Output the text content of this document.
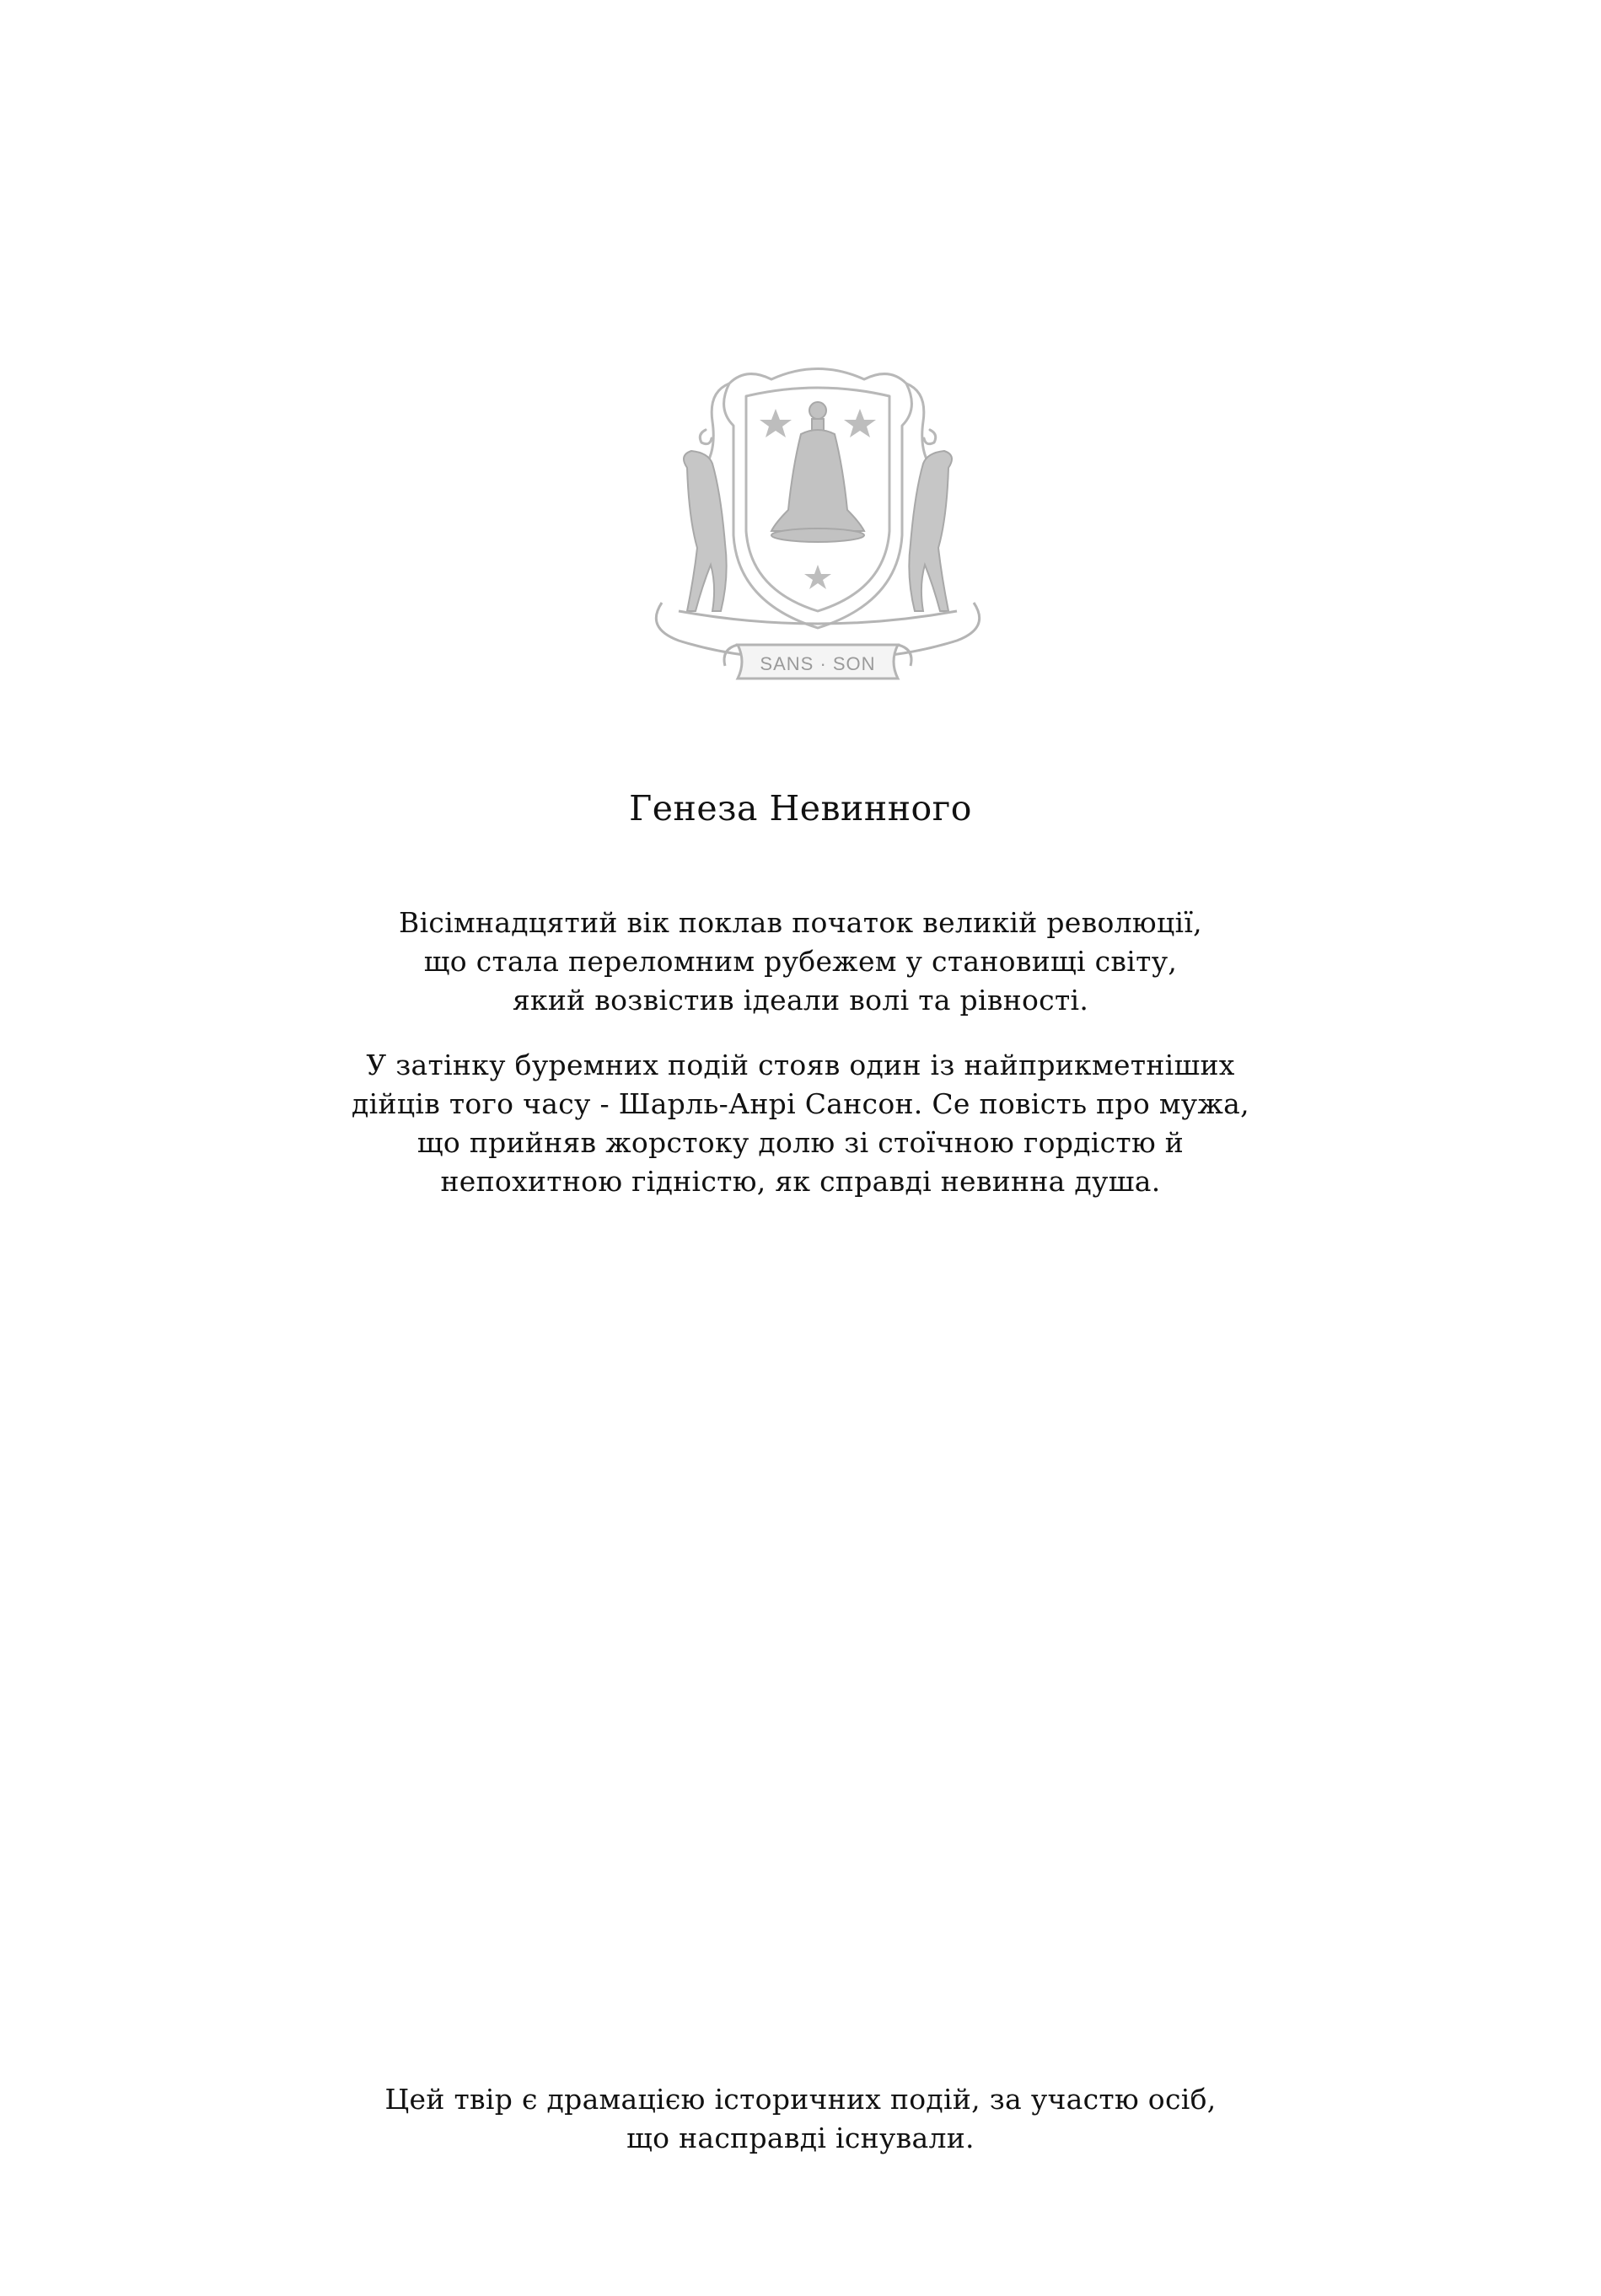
SANS · SON
Генеза Невинного
Вісімнадцятий вік поклав початок великій революції,
що стала переломним рубежем у становищі світу,
який возвістив ідеали волі та рівності.
У затінку буремних подій стояв один із найприкметніших
дійців того часу - Шарль-Анрі Сансон. Се повість про мужа,
що прийняв жорстоку долю зі стоїчною гордістю й
непохитною гідністю, як справді невинна душа.
Цей твір є драмацією історичних подій, за участю осіб,
що насправді існували.
